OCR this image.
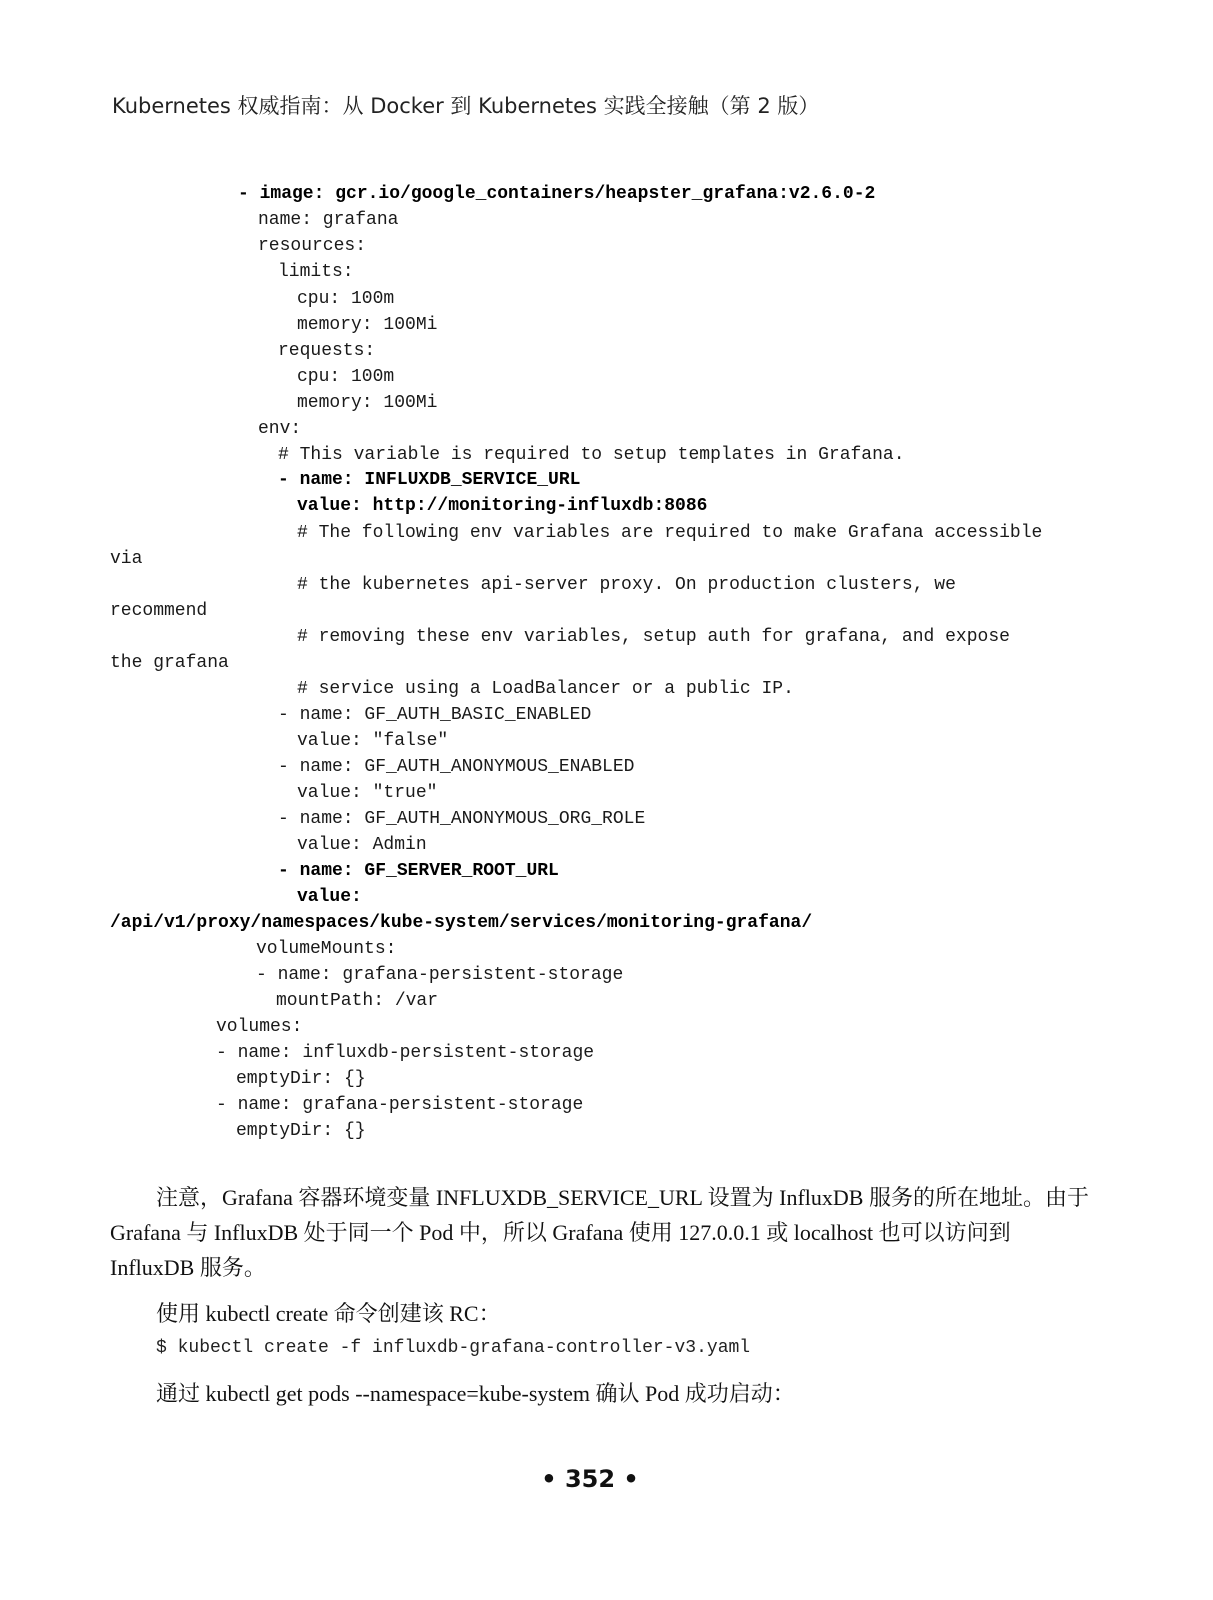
Kubernetes 权威指南：从 Docker 到 Kubernetes 实践全接触（第 2 版）
- image: gcr.io/google_containers/heapster_grafana:v2.6.0-2
name: grafana
resources:
limits:
cpu: 100m
memory: 100Mi
requests:
cpu: 100m
memory: 100Mi
env:
# This variable is required to setup templates in Grafana.
- name: INFLUXDB_SERVICE_URL
value: http://monitoring-influxdb:8086
# The following env variables are required to make Grafana accessible
via
# the kubernetes api-server proxy. On production clusters, we
recommend
# removing these env variables, setup auth for grafana, and expose
the grafana
# service using a LoadBalancer or a public IP.
- name: GF_AUTH_BASIC_ENABLED
value: "false"
- name: GF_AUTH_ANONYMOUS_ENABLED
value: "true"
- name: GF_AUTH_ANONYMOUS_ORG_ROLE
value: Admin
- name: GF_SERVER_ROOT_URL
value:
/api/v1/proxy/namespaces/kube-system/services/monitoring-grafana/
volumeMounts:
- name: grafana-persistent-storage
mountPath: /var
volumes:
- name: influxdb-persistent-storage
emptyDir: {}
- name: grafana-persistent-storage
emptyDir: {}

注意，Grafana 容器环境变量 INFLUXDB_SERVICE_URL 设置为 InfluxDB 服务的所在地址。由于 Grafana 与 InfluxDB 处于同一个 Pod 中，所以 Grafana 使用 127.0.0.1 或 localhost 也可以访问到 InfluxDB 服务。

使用 kubectl create 命令创建该 RC：
$ kubectl create -f influxdb-grafana-controller-v3.yaml
通过 kubectl get pods --namespace=kube-system 确认 Pod 成功启动：
• 352 •
